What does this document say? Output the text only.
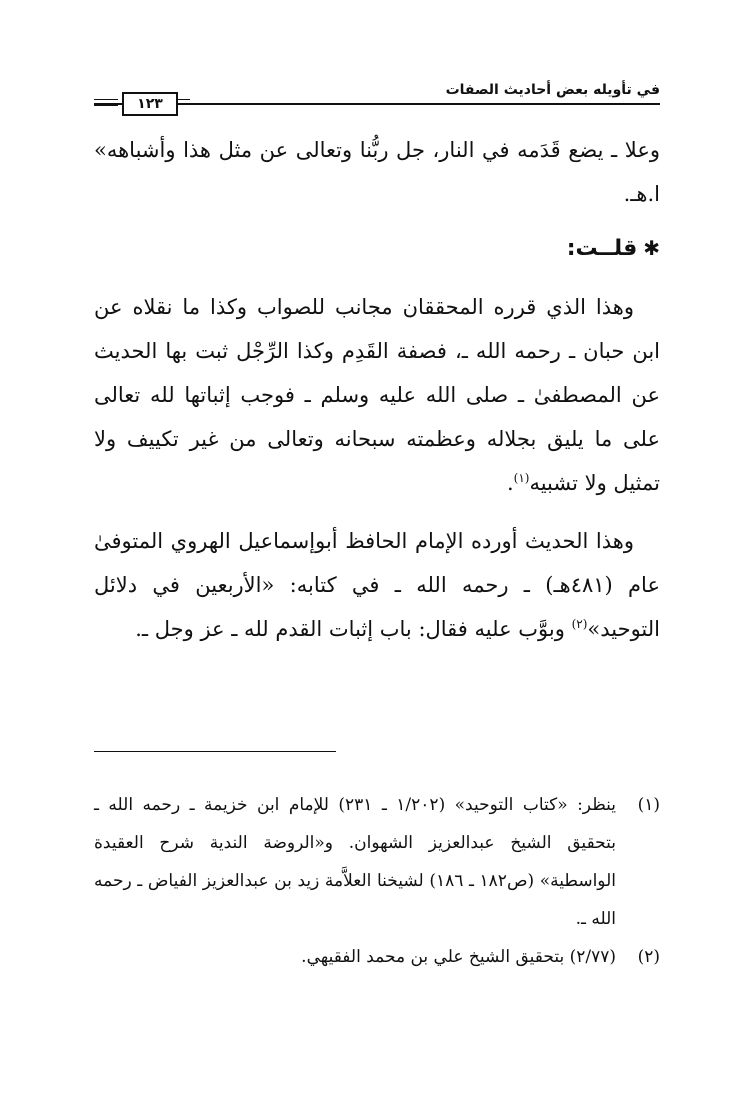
في تأويله بعض أحاديث الصفات
١٢٣

وعلا ـ يضع قَدَمه في النار، جل ربُّنا وتعالى عن مثل هذا وأشباهه» ا.هـ.

✱قلــت:

وهذا الذي قرره المحققان مجانب للصواب وكذا ما نقلاه عن ابن حبان ـ رحمه الله ـ، فصفة القَدِم وكذا الرِّجْل ثبت بها الحديث عن المصطفىٰ ـ صلى الله عليه وسلم ـ فوجب إثباتها لله تعالى على ما يليق بجلاله وعظمته سبحانه وتعالى من غير تكييف ولا تمثيل ولا تشبيه$^{(١)}$.

وهذا الحديث أورده الإمام الحافظ أبوإسماعيل الهروي المتوفىٰ عام (٤٨١هـ) ـ رحمه الله ـ في كتابه: «الأربعين في دلائل التوحيد»$^{(٢)}$ وبوَّب عليه فقال: باب إثبات القدم لله ـ عز وجل ـ.

(١)
ينظر: «كتاب التوحيد» (١/٢٠٢ ـ ٢٣١) للإمام ابن خزيمة ـ رحمه الله ـ بتحقيق الشيخ عبدالعزيز الشهوان. و«الروضة الندية شرح العقيدة الواسطية» (ص١٨٢ ـ ١٨٦) لشيخنا العلاَّمة زيد بن عبدالعزيز الفياض ـ رحمه الله ـ.
(٢)
(٢/٧٧) بتحقيق الشيخ علي بن محمد الفقيهي.
